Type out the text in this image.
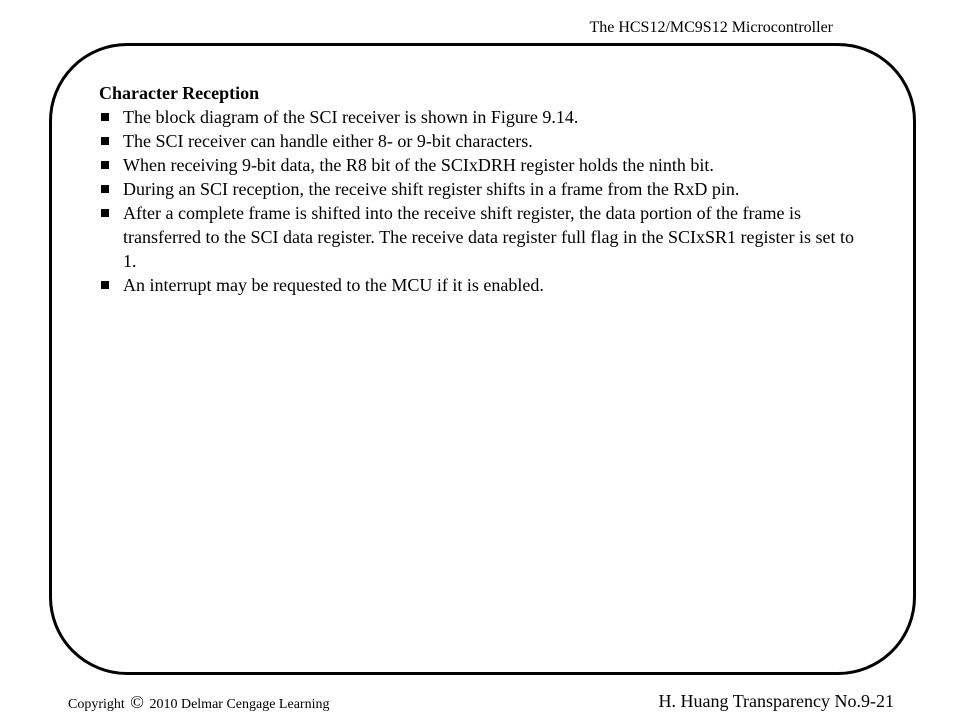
The HCS12/MC9S12 Microcontroller

Character Reception

The block diagram of the SCI receiver is shown in Figure 9.14.
The SCI receiver can handle either 8- or 9-bit characters.
When receiving 9-bit data, the R8 bit of the SCIxDRH register holds the ninth bit.
During an SCI reception, the receive shift register shifts in a frame from the RxD pin.
After a complete frame is shifted into the receive shift register, the data portion of the frame is transferred to the SCI data register. The receive data register full flag in the SCIxSR1 register is set to 1.
An interrupt may be requested to the MCU if it is enabled.
Copyright © 2010 Delmar Cengage Learning	H. Huang Transparency No.9-21
